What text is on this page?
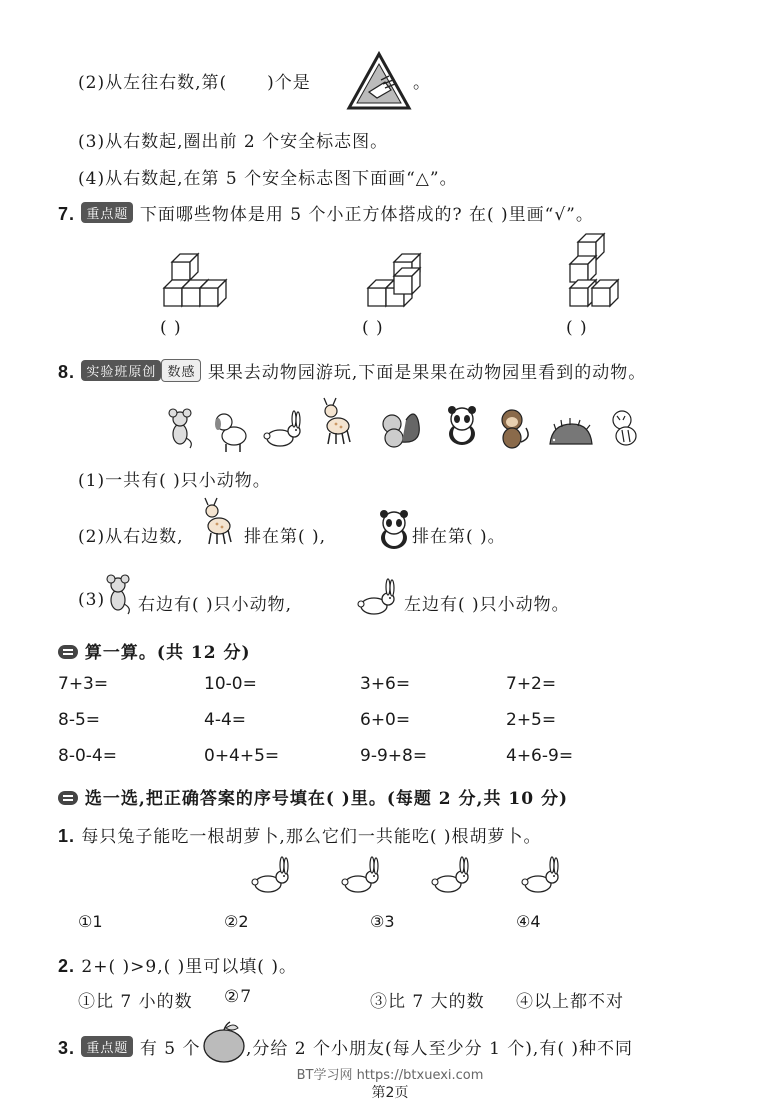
(2)从左往右数,第( )个是	。
(3)从右数起,圈出前 2 个安全标志图。
(4)从右数起,在第 5 个安全标志图下面画“△”。
7. 重点题 下面哪些物体是用 5 个小正方体搭成的? 在( )里画“√”。
( )	( )	( )
8. 实验班原创 数感 果果去动物园游玩,下面是果果在动物园里看到的动物。
(1)一共有( )只小动物。
(2)从右边数,	排在第( ),	排在第( )。
(3) 右边有( )只小动物,	左边有( )只小动物。
算一算。(共 12 分)
7+3=	10-0=	3+6=	7+2=
8-5=	4-4=	6+0=	2+5=
8-0-4=	0+4+5=	9-9+8=	4+6-9=
选一选,把正确答案的序号填在( )里。(每题 2 分,共 10 分)
1. 每只兔子能吃一根胡萝卜,那么它们一共能吃( )根胡萝卜。
①1	②2	③3	④4
2. 2+( )>9,( )里可以填( )。
①比 7 小的数 ②7	③比 7 大的数 ④以上都不对
3. 重点题 有 5 个	,分给 2 个小朋友(每人至少分 1 个),有( )种不同
BT学习网 https://btxuexi.com
第2页
